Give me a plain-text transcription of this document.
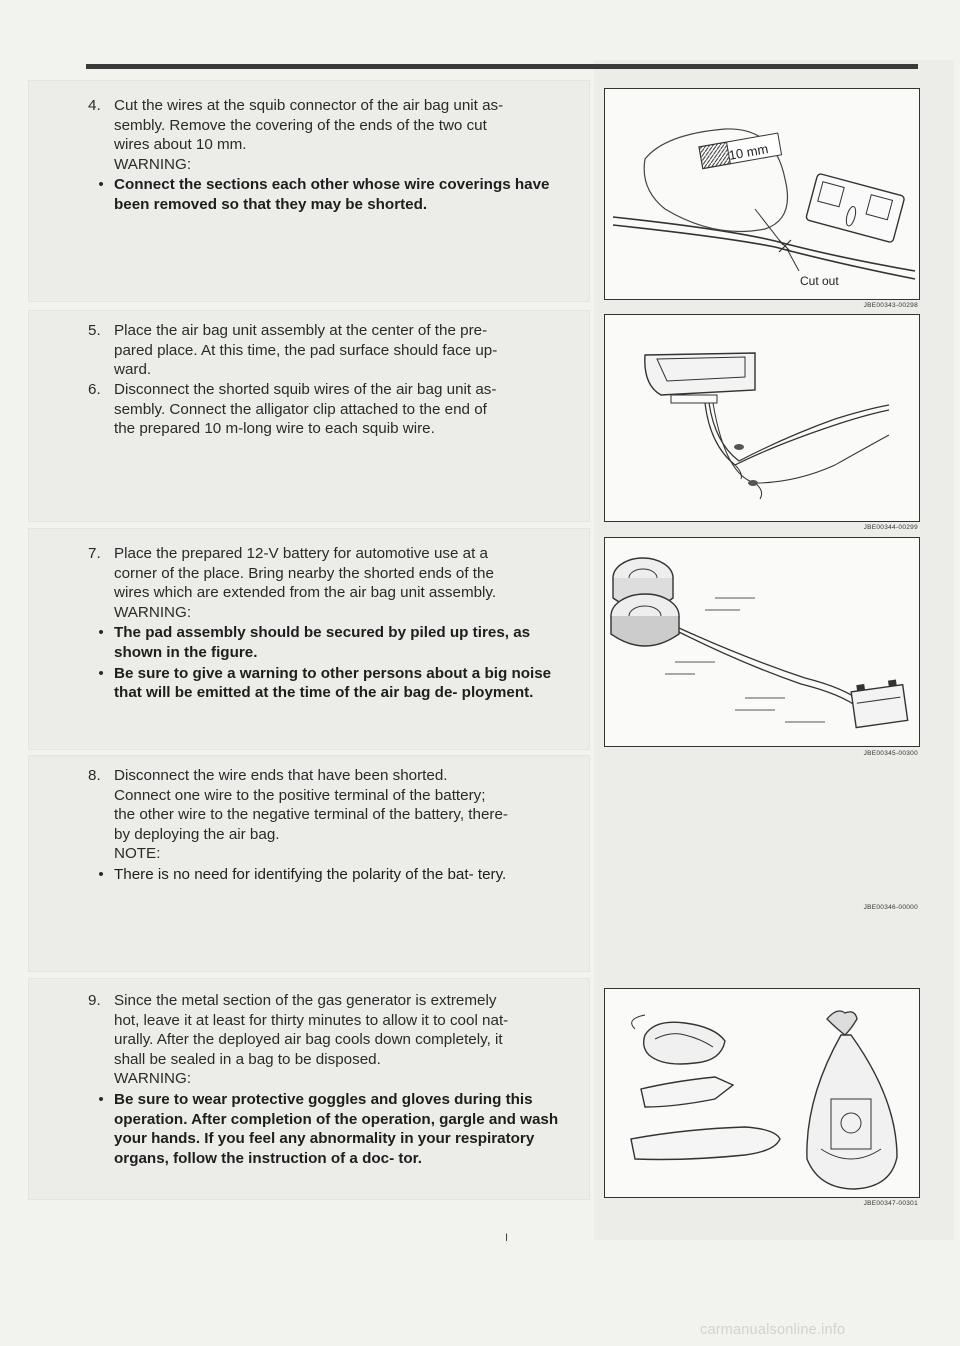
4. Cut the wires at the squib connector of the air bag unit as-
sembly. Remove the covering of the ends of the two cut
wires about 10 mm.
WARNING:
• Connect the sections each other whose wire coverings have been removed so that they may be shorted.
5. Place the air bag unit assembly at the center of the pre-
pared place. At this time, the pad surface should face up-
ward.
6. Disconnect the shorted squib wires of the air bag unit as-
sembly. Connect the alligator clip attached to the end of
the prepared 10 m-long wire to each squib wire.
7. Place the prepared 12-V battery for automotive use at a
corner of the place. Bring nearby the shorted ends of the
wires which are extended from the air bag unit assembly.
WARNING:
• The pad assembly should be secured by piled up tires, as shown in the figure.
• Be sure to give a warning to other persons about a big noise that will be emitted at the time of the air bag de- ployment.
8. Disconnect the wire ends that have been shorted.
Connect one wire to the positive terminal of the battery;
the other wire to the negative terminal of the battery, there-
by deploying the air bag.
NOTE:
• There is no need for identifying the polarity of the bat- tery.
9. Since the metal section of the gas generator is extremely
hot, leave it at least for thirty minutes to allow it to cool nat-
urally. After the deployed air bag cools down completely, it
shall be sealed in a bag to be disposed.
WARNING:
• Be sure to wear protective goggles and gloves during this operation. After completion of the operation, gargle and wash your hands. If you feel any abnormality in your respiratory organs, follow the instruction of a doc- tor.
10 mm
Cut out
JBE00343-00298
JBE00344-00299
JBE00345-00300
JBE00346-00000
JBE00347-00301
I
carmanualsonline.info
